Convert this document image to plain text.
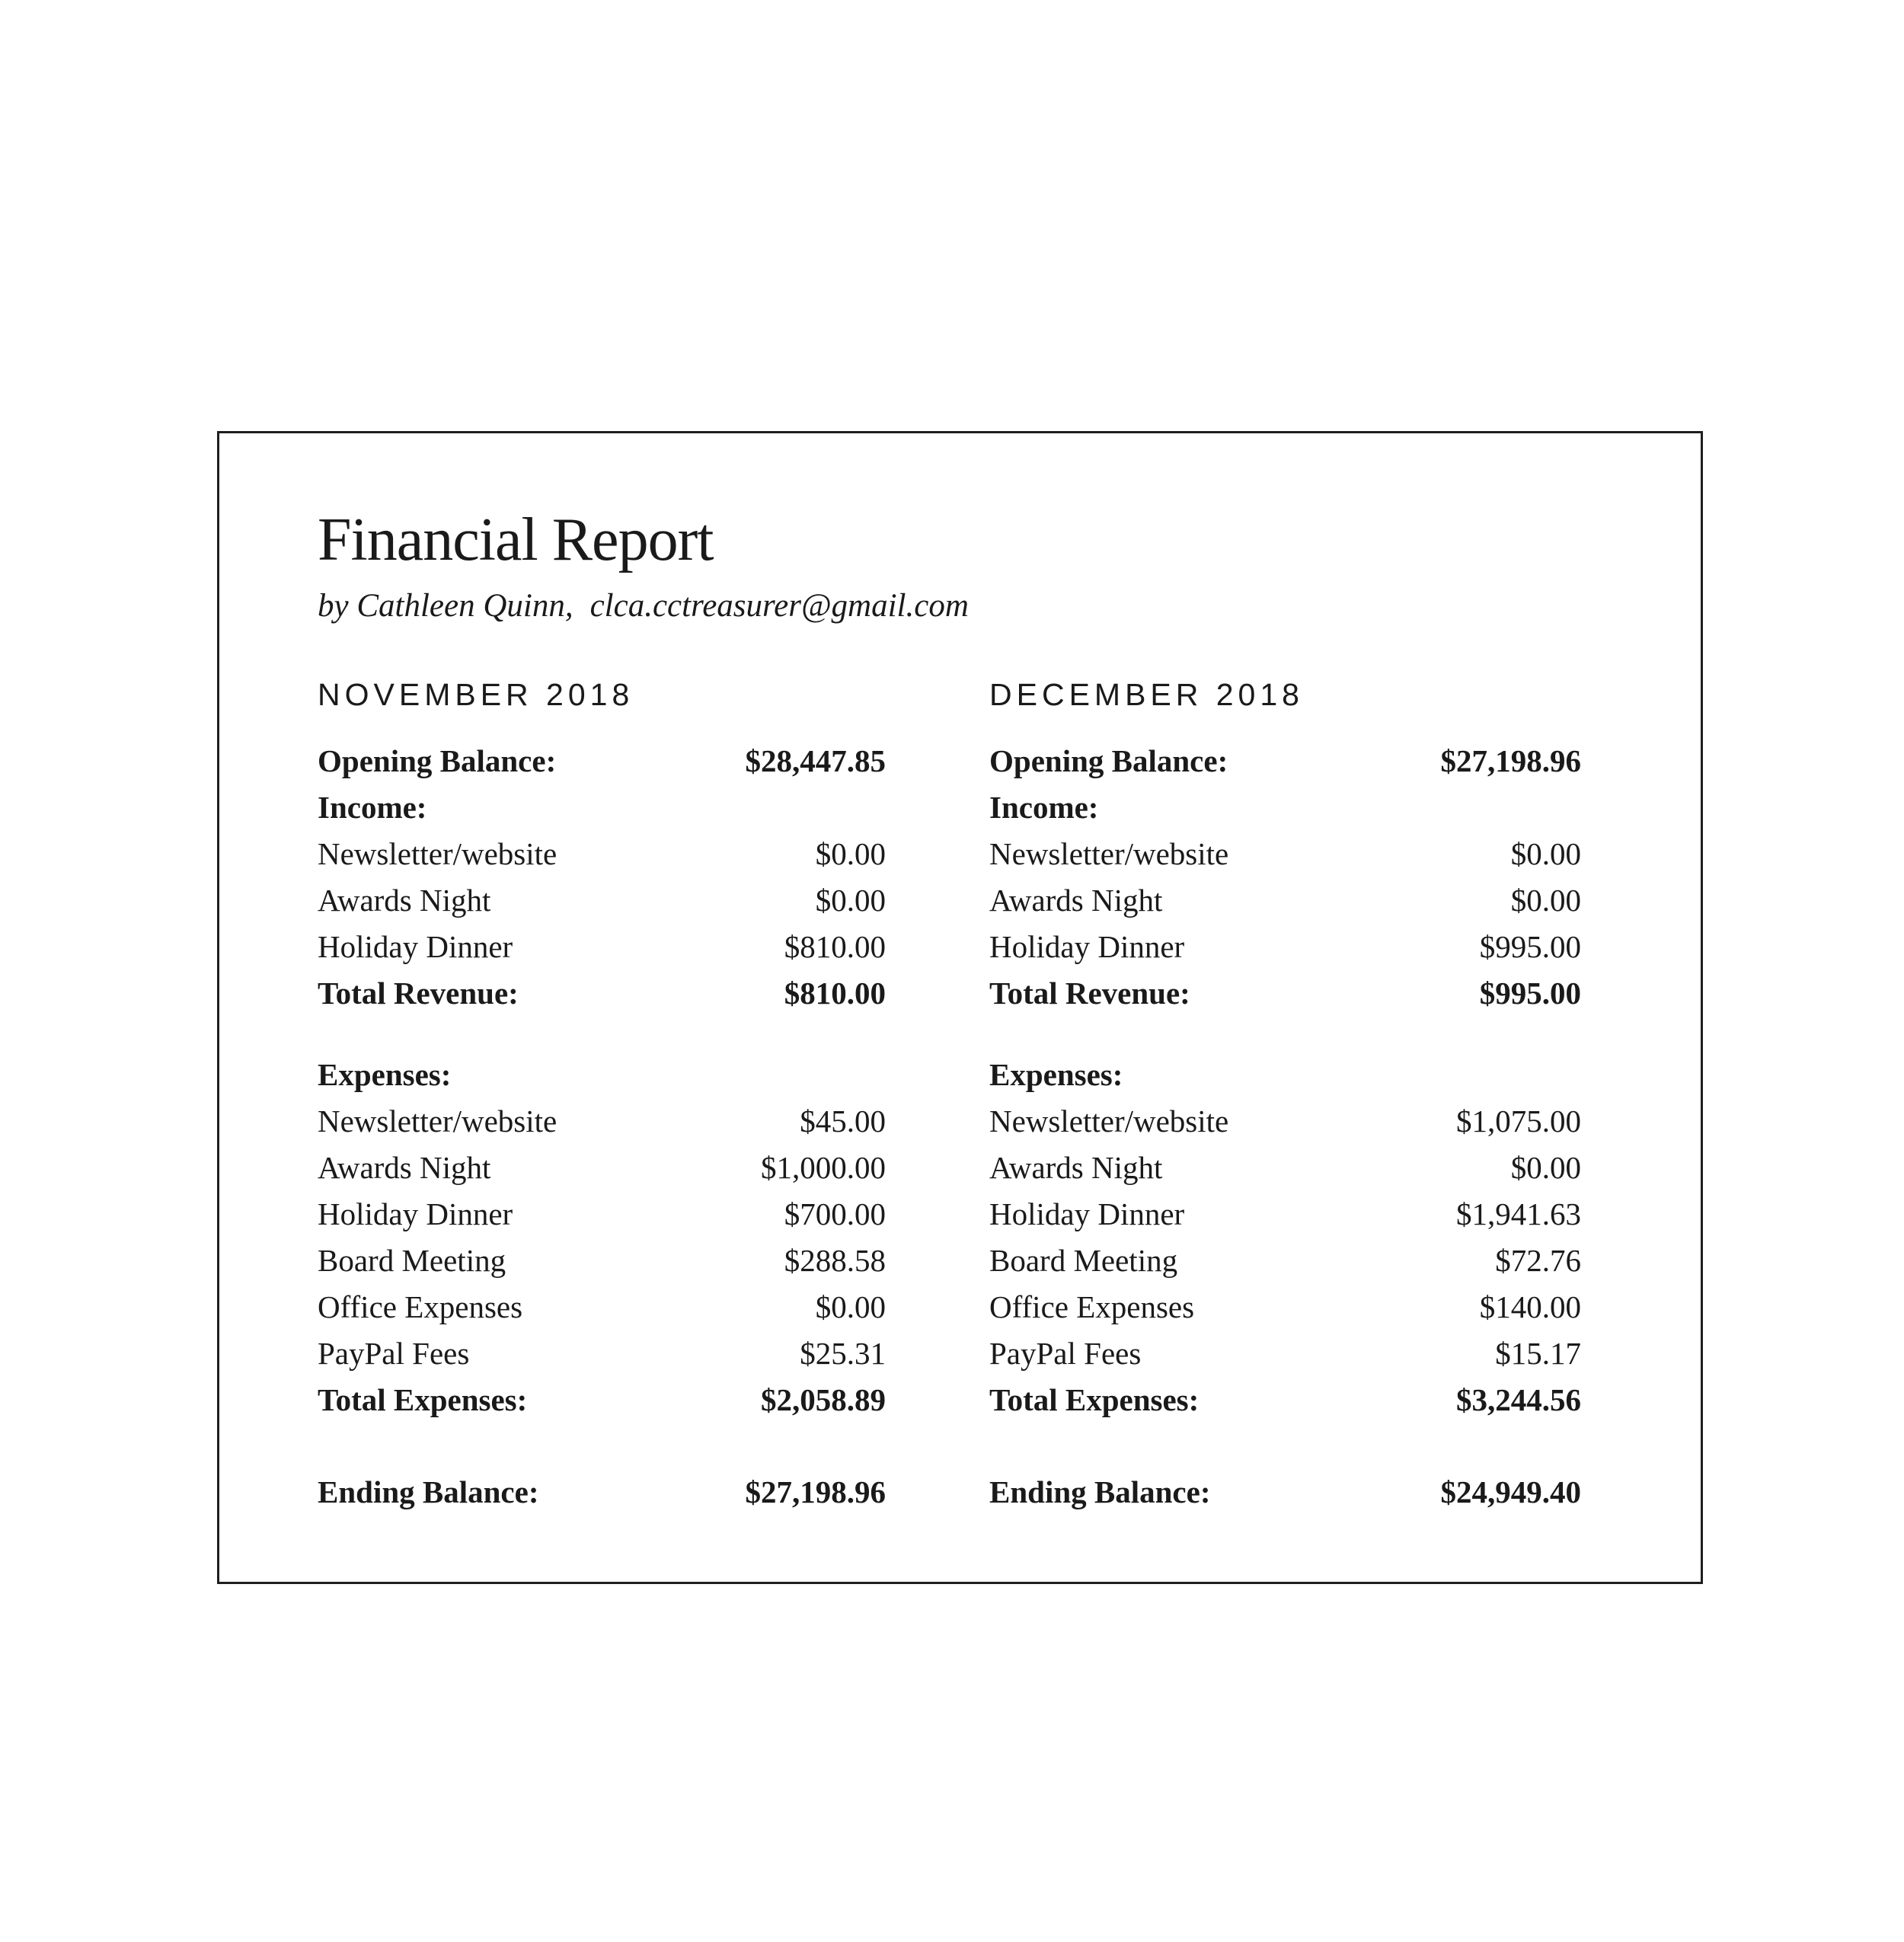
Financial Report

by Cathleen Quinn, clca.cctreasurer@gmail.com

NOVEMBER 2018
Opening Balance:	$28,447.85
Income:
Newsletter/website	$0.00
Awards Night	$0.00
Holiday Dinner	$810.00
Total Revenue:	$810.00
Expenses:
Newsletter/website	$45.00
Awards Night	$1,000.00
Holiday Dinner	$700.00
Board Meeting	$288.58
Office Expenses	$0.00
PayPal Fees	$25.31
Total Expenses:	$2,058.89
Ending Balance:	$27,198.96
DECEMBER 2018
Opening Balance:	$27,198.96
Income:
Newsletter/website	$0.00
Awards Night	$0.00
Holiday Dinner	$995.00
Total Revenue:	$995.00
Expenses:
Newsletter/website	$1,075.00
Awards Night	$0.00
Holiday Dinner	$1,941.63
Board Meeting	$72.76
Office Expenses	$140.00
PayPal Fees	$15.17
Total Expenses:	$3,244.56
Ending Balance:	$24,949.40
